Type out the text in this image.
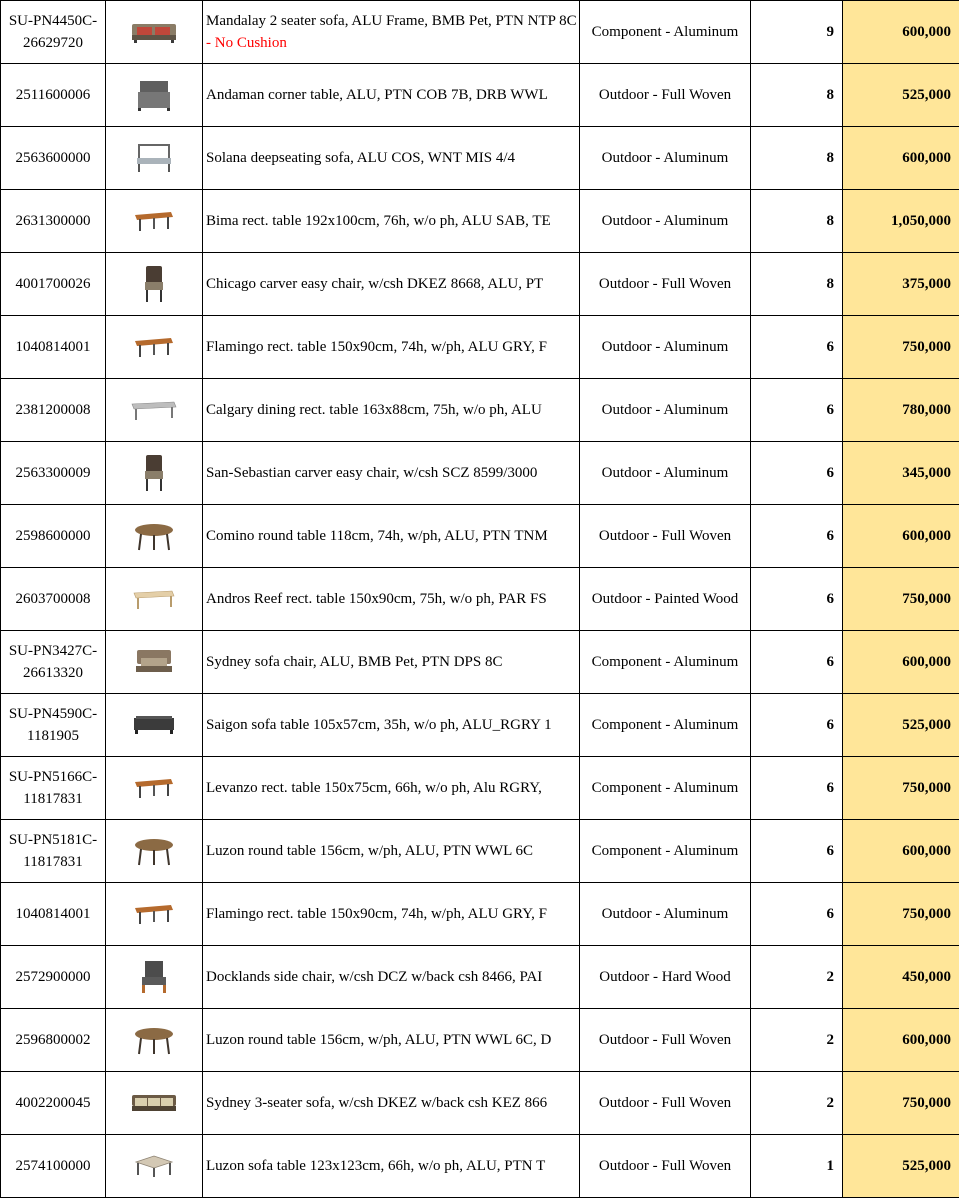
SU-PN4450C-26629720		Mandalay 2 seater sofa, ALU Frame, BMB Pet, PTN NTP 8C - No Cushion	Component - Aluminum	9	600,000
2511600006		Andaman corner table, ALU, PTN COB 7B, DRB WWL	Outdoor - Full Woven	8	525,000
2563600000		Solana deepseating sofa, ALU COS, WNT MIS 4/4	Outdoor - Aluminum	8	600,000
2631300000		Bima rect. table 192x100cm, 76h, w/o ph, ALU SAB, TE	Outdoor - Aluminum	8	1,050,000
4001700026		Chicago carver easy chair, w/csh DKEZ 8668, ALU, PT	Outdoor - Full Woven	8	375,000
1040814001		Flamingo rect. table 150x90cm, 74h, w/ph, ALU GRY, F	Outdoor - Aluminum	6	750,000
2381200008		Calgary dining rect. table 163x88cm, 75h, w/o ph, ALU	Outdoor - Aluminum	6	780,000
2563300009		San-Sebastian carver easy chair, w/csh SCZ 8599/3000	Outdoor - Aluminum	6	345,000
2598600000		Comino round table 118cm, 74h, w/ph, ALU, PTN TNM	Outdoor - Full Woven	6	600,000
2603700008		Andros Reef rect. table 150x90cm, 75h, w/o ph, PAR FS	Outdoor - Painted Wood	6	750,000
SU-PN3427C-26613320		Sydney sofa chair, ALU, BMB Pet, PTN DPS 8C	Component - Aluminum	6	600,000
SU-PN4590C-1181905		Saigon sofa table 105x57cm, 35h, w/o ph, ALU_RGRY 1	Component - Aluminum	6	525,000
SU-PN5166C-11817831		Levanzo rect. table 150x75cm, 66h, w/o ph, Alu RGRY,	Component - Aluminum	6	750,000
SU-PN5181C-11817831		Luzon round table 156cm, w/ph, ALU, PTN WWL 6C	Component - Aluminum	6	600,000
1040814001		Flamingo rect. table 150x90cm, 74h, w/ph, ALU GRY, F	Outdoor - Aluminum	6	750,000
2572900000		Docklands side chair, w/csh DCZ w/back csh 8466, PAI	Outdoor - Hard Wood	2	450,000
2596800002		Luzon round table 156cm, w/ph, ALU, PTN WWL 6C, D	Outdoor - Full Woven	2	600,000
4002200045		Sydney 3-seater sofa, w/csh DKEZ w/back csh KEZ 866	Outdoor - Full Woven	2	750,000
2574100000		Luzon sofa table 123x123cm, 66h, w/o ph, ALU, PTN T	Outdoor - Full Woven	1	525,000
